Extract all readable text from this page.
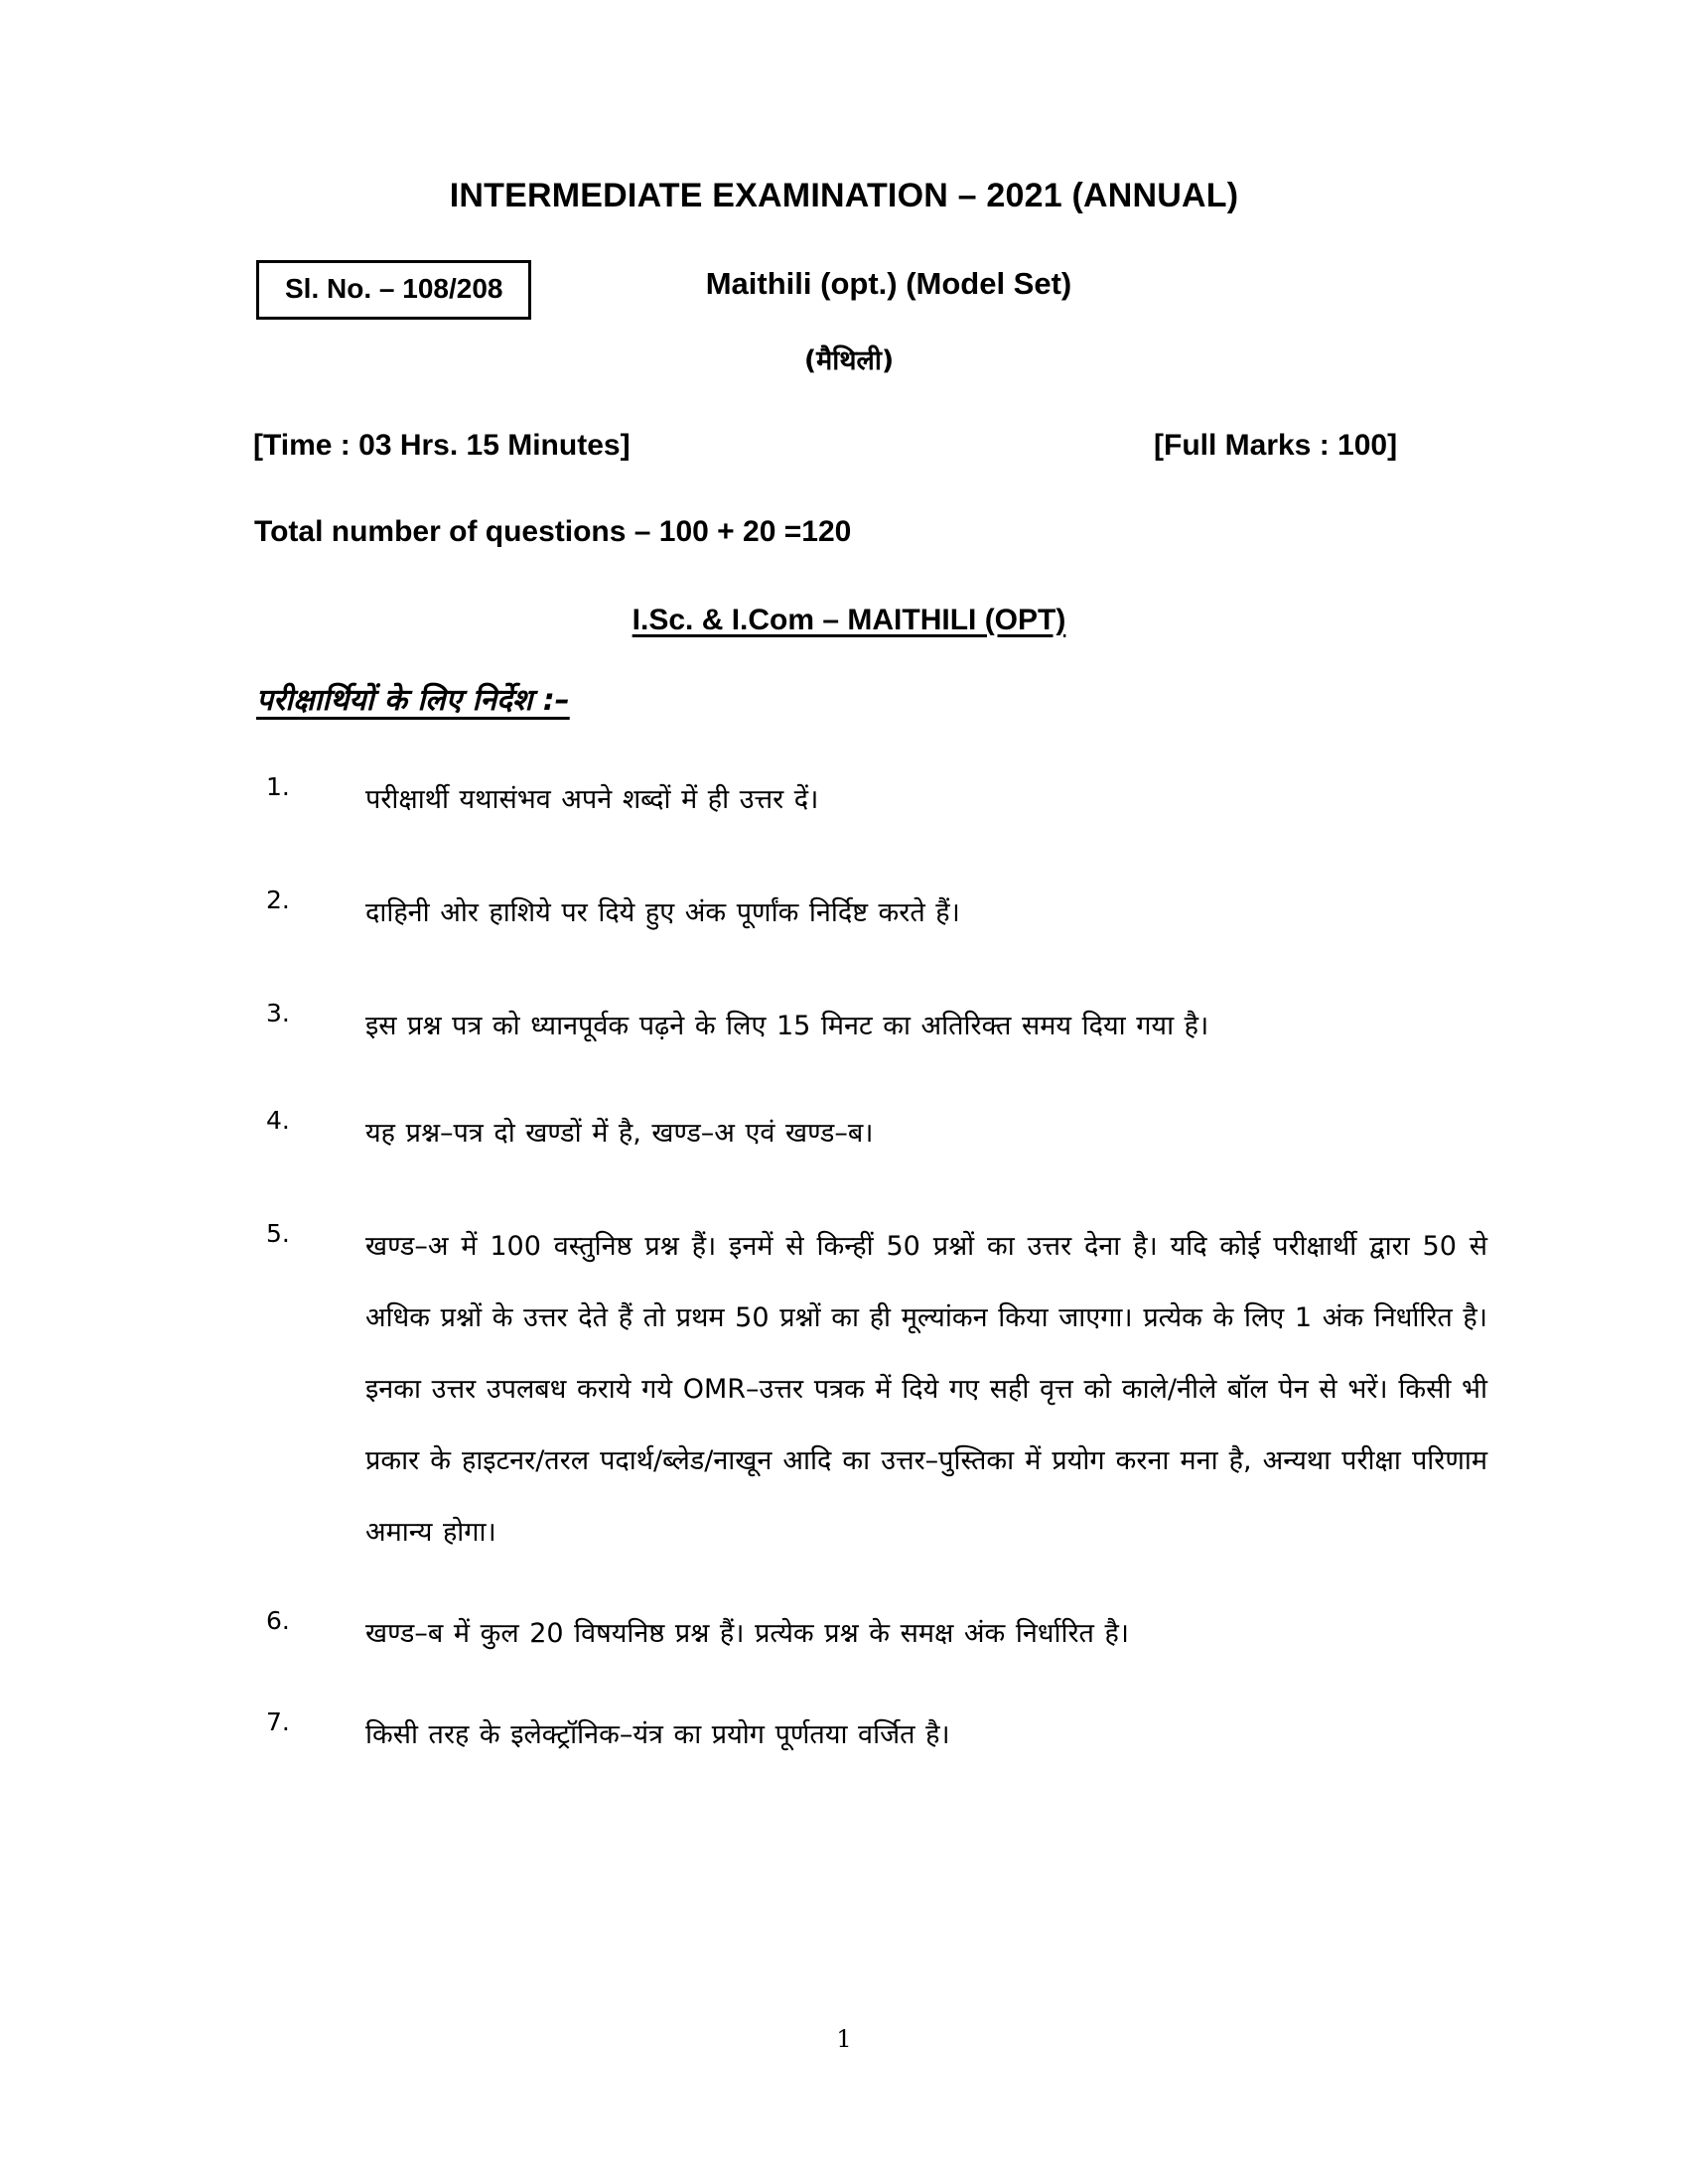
INTERMEDIATE EXAMINATION – 2021 (ANNUAL)
Sl. No. – 108/208	Maithili (opt.) (Model Set)
(मैथिली)
[Time : 03 Hrs. 15 Minutes]	[Full Marks : 100]
Total number of questions – 100 + 20 =120
I.Sc. & I.Com – MAITHILI (OPT)
परीक्षार्थियों के लिए निर्देश :–
1.	परीक्षार्थी यथासंभव अपने शब्दों में ही उत्तर दें।
2.	दाहिनी ओर हाशिये पर दिये हुए अंक पूर्णांक निर्दिष्ट करते हैं।
3.	इस प्रश्न पत्र को ध्यानपूर्वक पढ़ने के लिए 15 मिनट का अतिरिक्त समय दिया गया है।
4.	यह प्रश्न–पत्र दो खण्डों में है, खण्ड–अ एवं खण्ड–ब।
5.	खण्ड–अ में 100 वस्तुनिष्ठ प्रश्न हैं। इनमें से किन्हीं 50 प्रश्नों का उत्तर देना है। यदि कोई परीक्षार्थी द्वारा 50 से अधिक प्रश्नों के उत्तर देते हैं तो प्रथम 50 प्रश्नों का ही मूल्यांकन किया जाएगा। प्रत्येक के लिए 1 अंक निर्धारित है। इनका उत्तर उपलबध कराये गये OMR–उत्तर पत्रक में दिये गए सही वृत्त को काले/नीले बॉल पेन से भरें। किसी भी प्रकार के हाइटनर/तरल पदार्थ/ब्लेड/नाखून आदि का उत्तर–पुस्तिका में प्रयोग करना मना है, अन्यथा परीक्षा परिणाम अमान्य होगा।
6.	खण्ड–ब में कुल 20 विषयनिष्ठ प्रश्न हैं। प्रत्येक प्रश्न के समक्ष अंक निर्धारित है।
7.	किसी तरह के इलेक्ट्रॉनिक–यंत्र का प्रयोग पूर्णतया वर्जित है।
1
